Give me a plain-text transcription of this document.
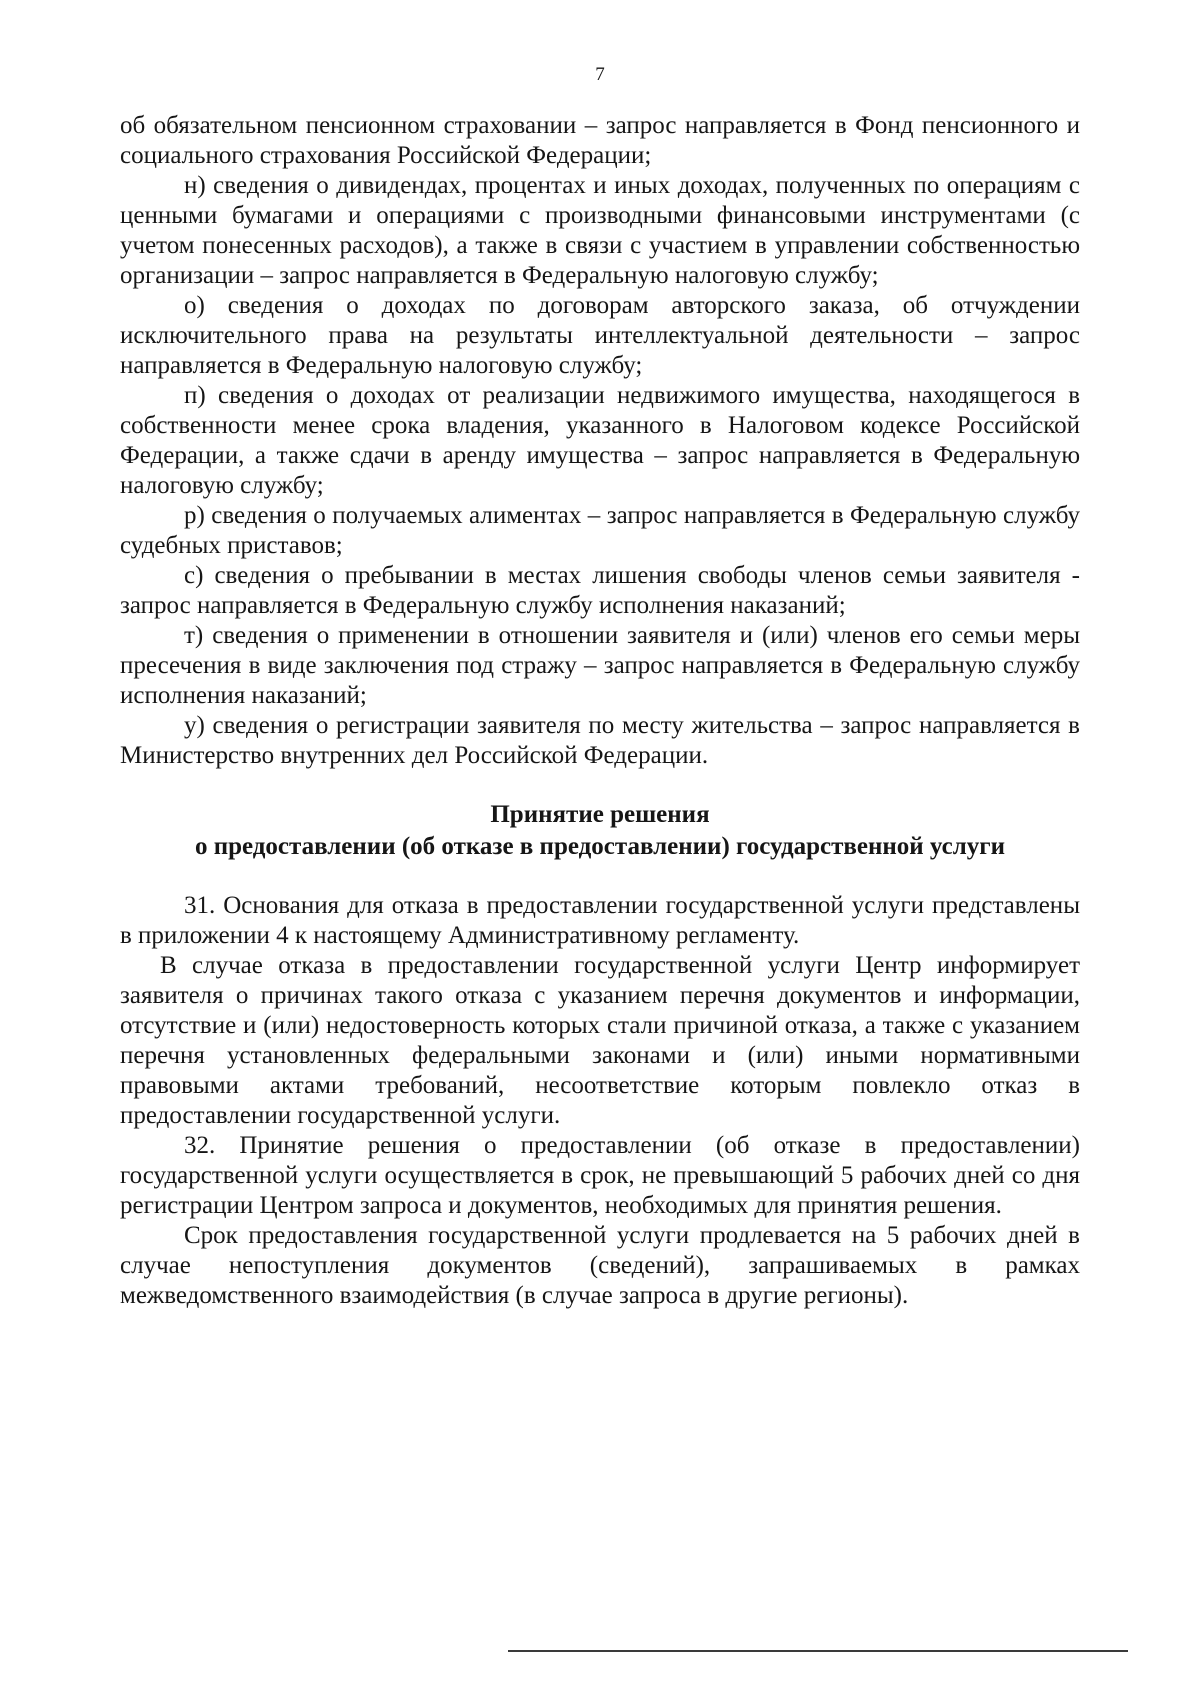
7

об обязательном пенсионном страховании – запрос направляется в Фонд пенсионного и социального страхования Российской Федерации;

н) сведения о дивидендах, процентах и иных доходах, полученных по операциям с ценными бумагами и операциями с производными финансовыми инструментами (с учетом понесенных расходов), а также в связи с участием в управлении собственностью организации – запрос направляется в Федеральную налоговую службу;

о) сведения о доходах по договорам авторского заказа, об отчуждении исключительного права на результаты интеллектуальной деятельности – запрос направляется в Федеральную налоговую службу;

п) сведения о доходах от реализации недвижимого имущества, находящегося в собственности менее срока владения, указанного в Налоговом кодексе Российской Федерации, а также сдачи в аренду имущества – запрос направляется в Федеральную налоговую службу;

р) сведения о получаемых алиментах – запрос направляется в Федеральную службу судебных приставов;

с) сведения о пребывании в местах лишения свободы членов семьи заявителя - запрос направляется в Федеральную службу исполнения наказаний;

т) сведения о применении в отношении заявителя и (или) членов его семьи меры пресечения в виде заключения под стражу – запрос направляется в Федеральную службу исполнения наказаний;

у) сведения о регистрации заявителя по месту жительства – запрос направляется в Министерство внутренних дел Российской Федерации.

Принятие решения
о предоставлении (об отказе в предоставлении) государственной услуги

31. Основания для отказа в предоставлении государственной услуги представлены в приложении 4 к настоящему Административному регламенту.

В случае отказа в предоставлении государственной услуги Центр информирует заявителя о причинах такого отказа с указанием перечня документов и информации, отсутствие и (или) недостоверность которых стали причиной отказа, а также с указанием перечня установленных федеральными законами и (или) иными нормативными правовыми актами требований, несоответствие которым повлекло отказ в предоставлении государственной услуги.

32. Принятие решения о предоставлении (об отказе в предоставлении) государственной услуги осуществляется в срок, не превышающий 5 рабочих дней со дня регистрации Центром запроса и документов, необходимых для принятия решения.

Срок предоставления государственной услуги продлевается на 5 рабочих дней в случае непоступления документов (сведений), запрашиваемых в рамках межведомственного взаимодействия (в случае запроса в другие регионы).
